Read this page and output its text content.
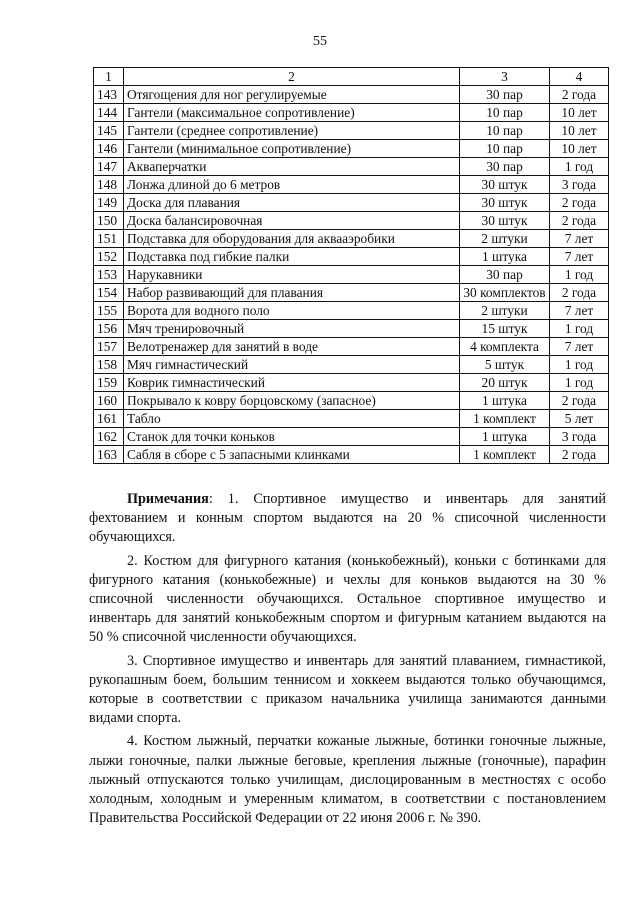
55
1	2	3	4
143	Отягощения для ног регулируемые	30 пар	2 года
144	Гантели (максимальное сопротивление)	10 пар	10 лет
145	Гантели (среднее сопротивление)	10 пар	10 лет
146	Гантели (минимальное сопротивление)	10 пар	10 лет
147	Акваперчатки	30 пар	1 год
148	Лонжа длиной до 6 метров	30 штук	3 года
149	Доска для плавания	30 штук	2 года
150	Доска балансировочная	30 штук	2 года
151	Подставка для оборудования для аквааэробики	2 штуки	7 лет
152	Подставка под гибкие палки	1 штука	7 лет
153	Нарукавники	30 пар	1 год
154	Набор развивающий для плавания	30 комплектов	2 года
155	Ворота для водного поло	2 штуки	7 лет
156	Мяч тренировочный	15 штук	1 год
157	Велотренажер для занятий в воде	4 комплекта	7 лет
158	Мяч гимнастический	5 штук	1 год
159	Коврик гимнастический	20 штук	1 год
160	Покрывало к ковру борцовскому (запасное)	1 штука	2 года
161	Табло	1 комплект	5 лет
162	Станок для точки коньков	1 штука	3 года
163	Сабля в сборе с 5 запасными клинками	1 комплект	2 года

Примечания: 1. Спортивное имущество и инвентарь для занятий фехтованием и конным спортом выдаются на 20 % списочной численности обучающихся.

2. Костюм для фигурного катания (конькобежный), коньки с ботинками для фигурного катания (конькобежные) и чехлы для коньков выдаются на 30 % списочной численности обучающихся. Остальное спортивное имущество и инвентарь для занятий конькобежным спортом и фигурным катанием выдаются на 50 % списочной численности обучающихся.

3. Спортивное имущество и инвентарь для занятий плаванием, гимнастикой, рукопашным боем, большим теннисом и хоккеем выдаются только обучающимся, которые в соответствии с приказом начальника училища занимаются данными видами спорта.

4. Костюм лыжный, перчатки кожаные лыжные, ботинки гоночные лыжные, лыжи гоночные, палки лыжные беговые, крепления лыжные (гоночные), парафин лыжный отпускаются только училищам, дислоцированным в местностях с особо холодным, холодным и умеренным климатом, в соответствии с постановлением Правительства Российской Федерации от 22 июня 2006 г. № 390.
